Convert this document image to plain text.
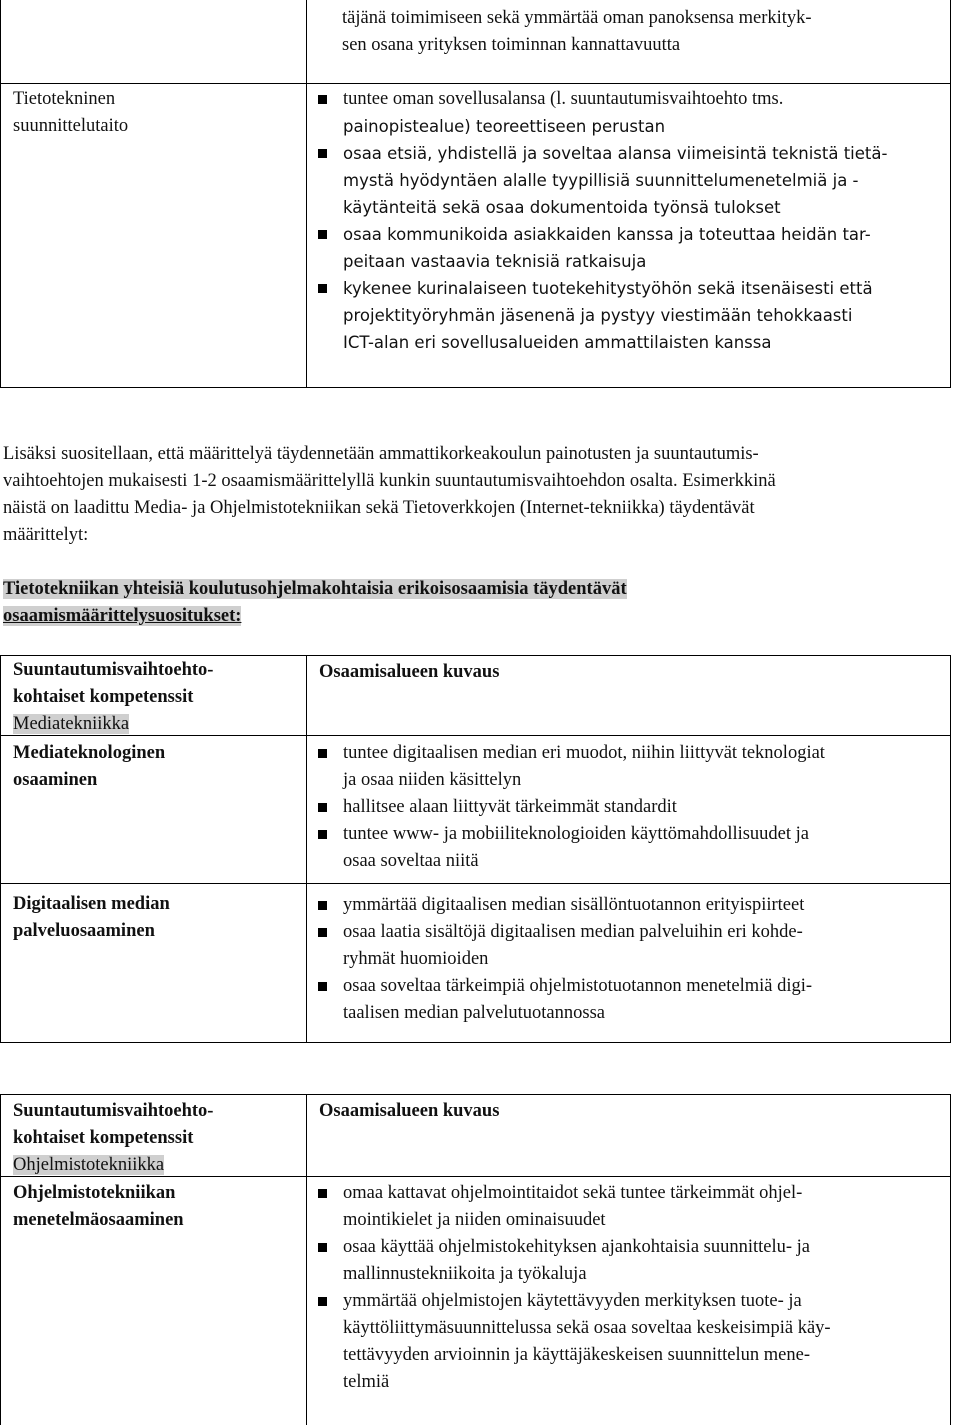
täjänä toimimiseen sekä ymmärtää oman panoksensa merkityk-
sen osana yrityksen toiminnan kannattavuutta
Tietotekninen
suunnittelutaito
tuntee oman sovellusalansa (l. suuntautumisvaihtoehto tms.
painopistealue) teoreettiseen perustan
osaa etsiä, yhdistellä ja soveltaa alansa viimeisintä teknistä tietä-
mystä hyödyntäen alalle tyypillisiä suunnittelumenetelmiä ja -
käytänteitä sekä osaa dokumentoida työnsä tulokset
osaa kommunikoida asiakkaiden kanssa ja toteuttaa heidän tar-
peitaan vastaavia teknisiä ratkaisuja
kykenee kurinalaiseen tuotekehitystyöhön sekä itsenäisesti että
projektityöryhmän jäsenenä ja pystyy viestimään tehokkaasti
ICT-alan eri sovellusalueiden ammattilaisten kanssa
Lisäksi suositellaan, että määrittelyä täydennetään ammattikorkeakoulun painotusten ja suuntautumis-
vaihtoehtojen mukaisesti 1-2 osaamismäärittelyllä kunkin suuntautumisvaihtoehdon osalta. Esimerkkinä
näistä on laadittu Media- ja Ohjelmistotekniikan sekä Tietoverkkojen (Internet-tekniikka) täydentävät
määrittelyt:
Tietotekniikan yhteisiä koulutusohjelmakohtaisia erikoisosaamisia täydentävät
osaamismäärittelysuositukset:
Suuntautumisvaihtoehto-
kohtaiset kompetenssit
Mediatekniikka
Osaamisalueen kuvaus
Mediateknologinen
osaaminen
tuntee digitaalisen median eri muodot, niihin liittyvät teknologiat
ja osaa niiden käsittelyn
hallitsee alaan liittyvät tärkeimmät standardit
tuntee www- ja mobiiliteknologioiden käyttömahdollisuudet ja
osaa soveltaa niitä
Digitaalisen median
palveluosaaminen
ymmärtää digitaalisen median sisällöntuotannon erityispiirteet
osaa laatia sisältöjä digitaalisen median palveluihin eri kohde-
ryhmät huomioiden
osaa soveltaa tärkeimpiä ohjelmistotuotannon menetelmiä digi-
taalisen median palvelutuotannossa
Suuntautumisvaihtoehto-
kohtaiset kompetenssit
Ohjelmistotekniikka
Osaamisalueen kuvaus
Ohjelmistotekniikan
menetelmäosaaminen
omaa kattavat ohjelmointitaidot sekä tuntee tärkeimmät ohjel-
mointikielet ja niiden ominaisuudet
osaa käyttää ohjelmistokehityksen ajankohtaisia suunnittelu- ja
mallinnustekniikoita ja työkaluja
ymmärtää ohjelmistojen käytettävyyden merkityksen tuote- ja
käyttöliittymäsuunnittelussa sekä osaa soveltaa keskeisimpiä käy-
tettävyyden arvioinnin ja käyttäjäkeskeisen suunnittelun mene-
telmiä
